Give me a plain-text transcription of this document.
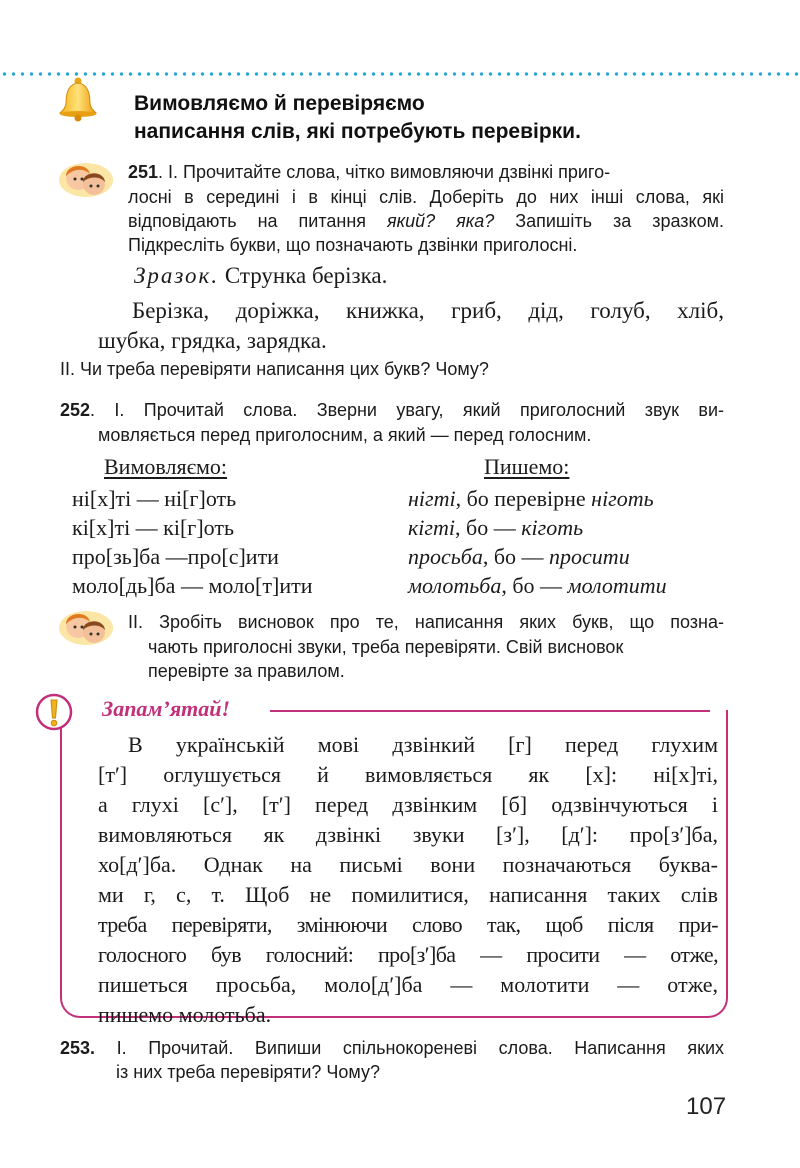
Вимовляємо й перевіряємо
написання слів, які потребують перевірки.
251. І. Прочитайте слова, чітко вимовляючи дзвінкі приго-
лосні в середині і в кінці слів. Доберіть до них інші слова, які
відповідають на питання який? яка? Запишіть за зразком.
Підкресліть букви, що позначають дзвінки приголосні.
Зразок. Струнка берізка.
Берізка, доріжка, книжка, гриб, дід, голуб, хліб,
шубка, грядка, зарядка.
ІІ. Чи треба перевіряти написання цих букв? Чому?
252. І. Прочитай слова. Зверни увагу, який приголосний звук ви-
мовляється перед приголосним, а який — перед голосним.
Вимовляємо:	Пишемо:
ні[х]ті — ні[г]оть
кі[х]ті — кі[г]оть
про[зь]ба —про[с]ити
моло[дь]ба — моло[т]ити
нігті, бо перевірне ніготь
кігті, бо — кіготь
просьба, бо — просити
молотьба, бо — молотити
ІІ. Зробіть висновок про те, написання яких букв, що позна-
чають приголосні звуки, треба перевіряти. Свій висновок
перевірте за правилом.
Запам’ятай!
В українській мові дзвінкий [г] перед глухим
[т′] оглушується й вимовляється як [х]: ні[х]ті,
а глухі [с′], [т′] перед дзвінким [б] одзвінчуються і
вимовляються як дзвінкі звуки [з′], [д′]: про[з′]ба,
хо[д′]ба. Однак на письмі вони позначаються буква-
ми г, с, т. Щоб не помилитися, написання таких слів
треба перевіряти, змінюючи слово так, щоб після при-
голосного був голосний: про[з′]ба — просити — отже,
пишеться просьба, моло[д′]ба — молотити — отже,
пишемо молотьба.
253. І. Прочитай. Випиши спільнокореневі слова. Написання яких
із них треба перевіряти? Чому?
107
